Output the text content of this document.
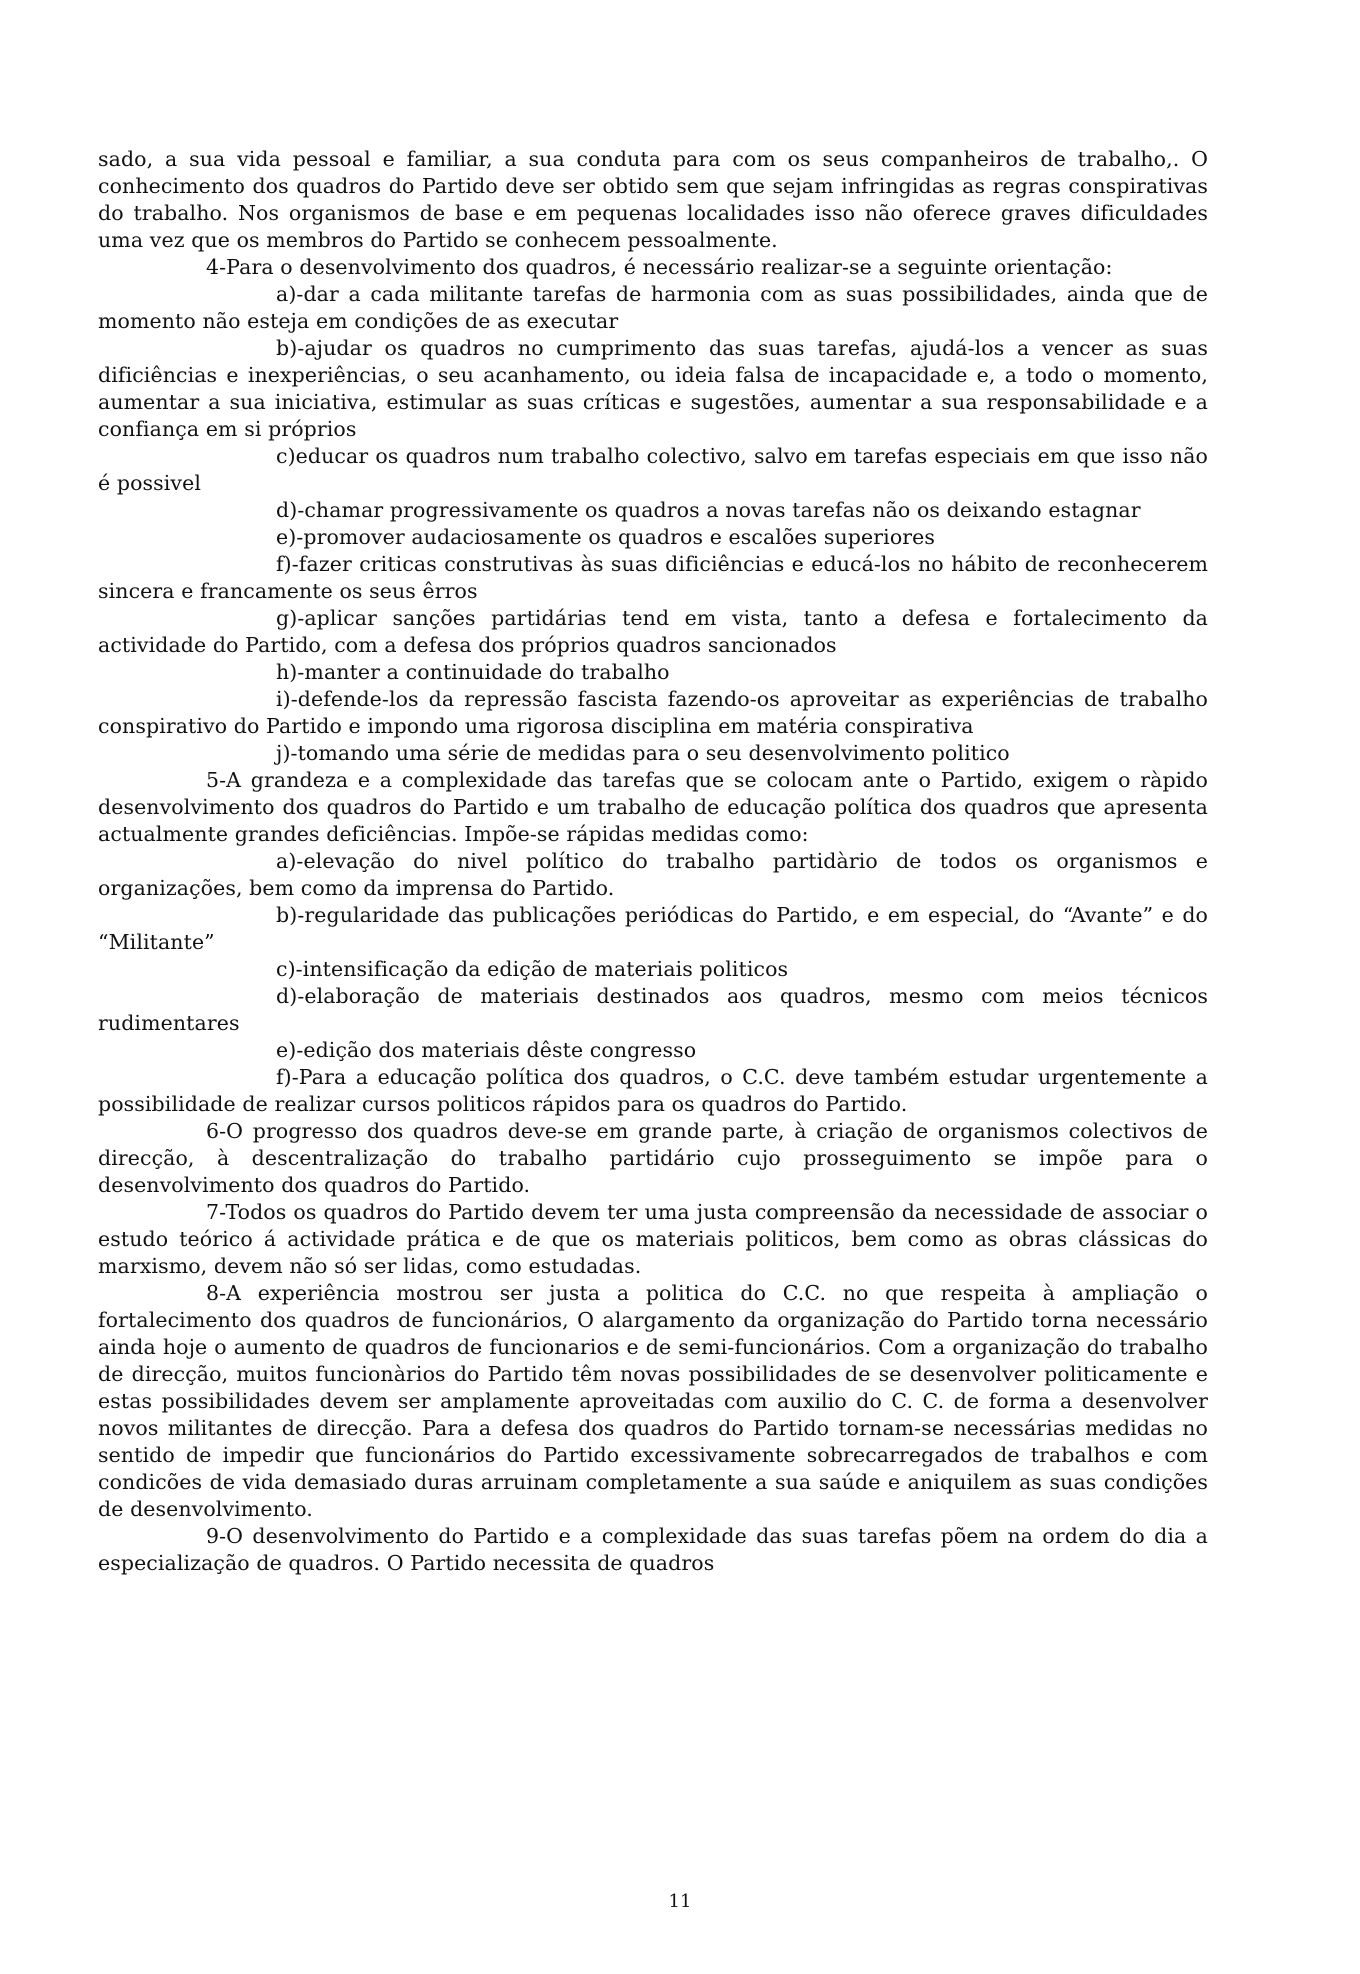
sado, a sua vida pessoal e familiar, a sua conduta para com os seus companheiros de trabalho,. O conhecimento dos quadros do Partido deve ser obtido sem que sejam infringidas as regras conspirativas do trabalho. Nos organismos de base e em pequenas localidades isso não oferece graves dificuldades uma vez que os membros do Partido se conhecem pessoalmente.

4-Para o desenvolvimento dos quadros, é necessário realizar-se a seguinte orientação:

a)-dar a cada militante tarefas de harmonia com as suas possibilidades, ainda que de momento não esteja em condições de as executar

b)-ajudar os quadros no cumprimento das suas tarefas, ajudá-los a vencer as suas dificiências e inexperiências, o seu acanhamento, ou ideia falsa de incapacidade e, a todo o momento, aumentar a sua iniciativa, estimular as suas críticas e sugestões, aumentar a sua responsabilidade e a confiança em si próprios

c)educar os quadros num trabalho colectivo, salvo em tarefas especiais em que isso não é possivel

d)-chamar progressivamente os quadros a novas tarefas não os deixando estagnar

e)-promover audaciosamente os quadros e escalões superiores

f)-fazer criticas construtivas às suas dificiências e educá-los no hábito de reconhecerem sincera e francamente os seus êrros

g)-aplicar sanções partidárias tend em vista, tanto a defesa e fortalecimento da actividade do Partido, com a defesa dos próprios quadros sancionados

h)-manter a continuidade do trabalho

i)-defende-los da repressão fascista fazendo-os aproveitar as experiências de trabalho conspirativo do Partido e impondo uma rigorosa disciplina em matéria conspirativa

j)-tomando uma série de medidas para o seu desenvolvimento politico

5-A grandeza e a complexidade das tarefas que se colocam ante o Partido, exigem o ràpido desenvolvimento dos quadros do Partido e um trabalho de educação política dos quadros que apresenta actualmente grandes deficiências. Impõe-se rápidas medidas como:

a)-elevação do nivel político do trabalho partidàrio de todos os organismos e organizações, bem como da imprensa do Partido.

b)-regularidade das publicações periódicas do Partido, e em especial, do “Avante” e do “Militante”

c)-intensificação da edição de materiais politicos

d)-elaboração de materiais destinados aos quadros, mesmo com meios técnicos rudimentares

e)-edição dos materiais dêste congresso

f)-Para a educação política dos quadros, o C.C. deve também estudar urgentemente a possibilidade de realizar cursos politicos rápidos para os quadros do Partido.

6-O progresso dos quadros deve-se em grande parte, à criação de organismos colectivos de direcção, à descentralização do trabalho partidário cujo prosseguimento se impõe para o desenvolvimento dos quadros do Partido.

7-Todos os quadros do Partido devem ter uma justa compreensão da necessidade de associar o estudo teórico á actividade prática e de que os materiais politicos, bem como as obras clássicas do marxismo, devem não só ser lidas, como estudadas.

8-A experiência mostrou ser justa a politica do C.C. no que respeita à ampliação o fortalecimento dos quadros de funcionários, O alargamento da organização do Partido torna necessário ainda hoje o aumento de quadros de funcionarios e de semi-funcionários. Com a organização do trabalho de direcção, muitos funcionàrios do Partido têm novas possibilidades de se desenvolver politicamente e estas possibilidades devem ser amplamente aproveitadas com auxilio do C. C. de forma a desenvolver novos militantes de direcção. Para a defesa dos quadros do Partido tornam-se necessárias medidas no sentido de impedir que funcionários do Partido excessivamente sobrecarregados de trabalhos e com condicões de vida demasiado duras arruinam completamente a sua saúde e aniquilem as suas condições de desenvolvimento.

9-O desenvolvimento do Partido e a complexidade das suas tarefas põem na ordem do dia a especialização de quadros. O Partido necessita de quadros

11
